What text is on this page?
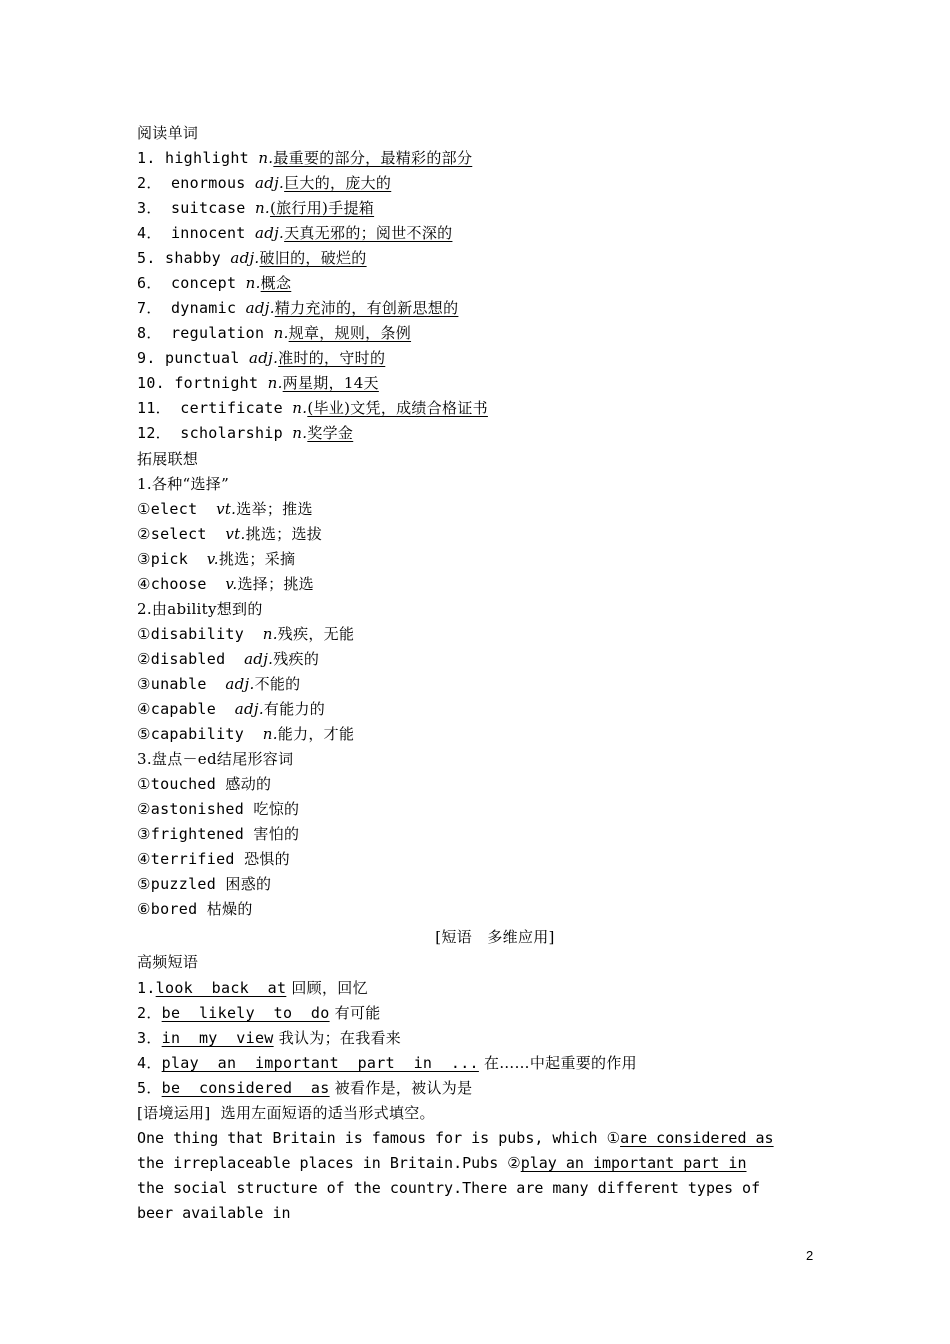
阅读单词
1. highlight n.最重要的部分，最精彩的部分
2． enormous adj.巨大的，庞大的
3． suitcase n.(旅行用)手提箱
4． innocent adj.天真无邪的；阅世不深的
5. shabby adj.破旧的，破烂的
6． concept n.概念
7． dynamic adj.精力充沛的，有创新思想的
8． regulation n.规章，规则，条例
9. punctual adj.准时的，守时的
10. fortnight n.两星期，14天
11． certificate n.(毕业)文凭，成绩合格证书
12． scholarship n.奖学金
拓展联想
1.各种“选择”
①elect  vt.选举；推选
②select  vt.挑选；选拔
③pick  v.挑选；采摘
④choose  v.选择；挑选
2.由ability想到的
①disability  n.残疾，无能
②disabled  adj.残疾的
③unable  adj.不能的
④capable  adj.有能力的
⑤capability  n.能力，才能
3.盘点－ed结尾形容词
①touched 感动的
②astonished 吃惊的
③frightened 害怕的
④terrified 恐惧的
⑤puzzled 困惑的
⑥bored 枯燥的
[短语　多维应用]
高频短语
1.look  back  at 回顾，回忆
2．be  likely  to  do 有可能
3．in  my  view 我认为；在我看来
4．play  an  important  part  in  ... 在……中起重要的作用
5．be  considered  as 被看作是，被认为是
[语境运用] 选用左面短语的适当形式填空。
One thing that Britain is famous for is pubs, which ①are considered as the irreplaceable places in Britain.Pubs ②play an important part in the social structure of the country.There are many different types of beer available in
2
